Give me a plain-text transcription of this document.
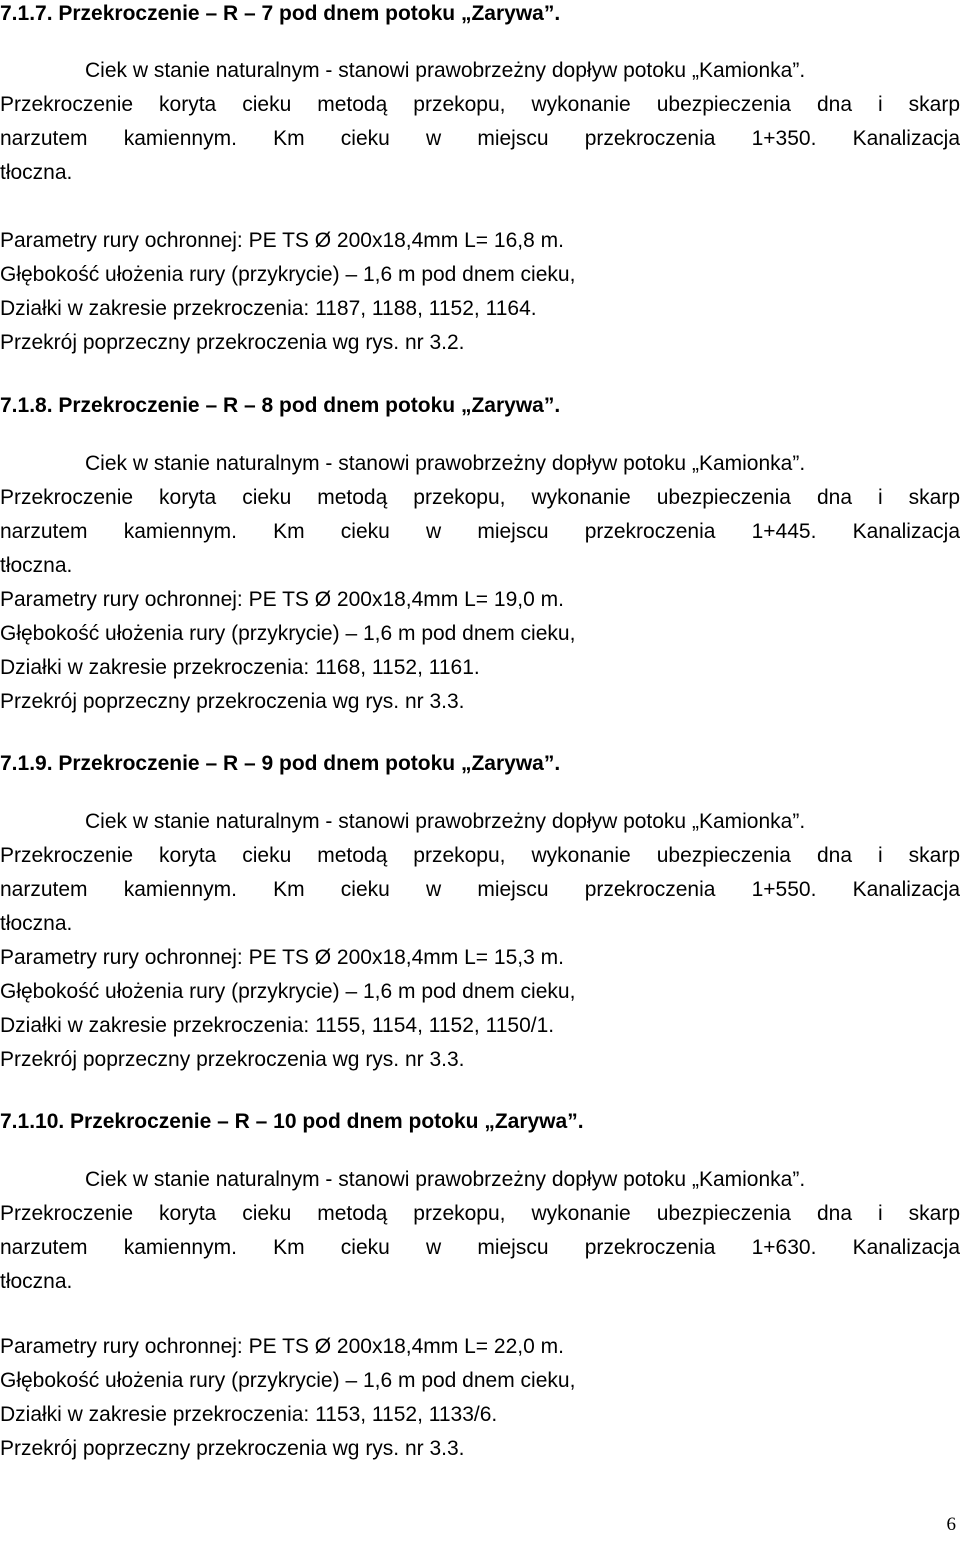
7.1.7. Przekroczenie – R – 7 pod dnem potoku „Zarywa”.
Ciek w stanie naturalnym - stanowi prawobrzeżny dopływ potoku „Kamionka”.
Przekroczenie koryta cieku metodą przekopu, wykonanie ubezpieczenia dna i skarp
narzutem kamiennym. Km cieku w miejscu przekroczenia 1+350. Kanalizacja
tłoczna.
Parametry rury ochronnej: PE TS Ø 200x18,4mm L= 16,8 m.
Głębokość ułożenia rury (przykrycie) – 1,6 m pod dnem cieku,
Działki w zakresie przekroczenia: 1187, 1188, 1152, 1164.
Przekrój poprzeczny przekroczenia wg rys. nr 3.2.
7.1.8. Przekroczenie – R – 8 pod dnem potoku „Zarywa”.
Ciek w stanie naturalnym - stanowi prawobrzeżny dopływ potoku „Kamionka”.
Przekroczenie koryta cieku metodą przekopu, wykonanie ubezpieczenia dna i skarp
narzutem kamiennym. Km cieku w miejscu przekroczenia 1+445. Kanalizacja
tłoczna.
Parametry rury ochronnej: PE TS Ø 200x18,4mm L= 19,0 m.
Głębokość ułożenia rury (przykrycie) – 1,6 m pod dnem cieku,
Działki w zakresie przekroczenia: 1168, 1152, 1161.
Przekrój poprzeczny przekroczenia wg rys. nr 3.3.
7.1.9. Przekroczenie – R – 9 pod dnem potoku „Zarywa”.
Ciek w stanie naturalnym - stanowi prawobrzeżny dopływ potoku „Kamionka”.
Przekroczenie koryta cieku metodą przekopu, wykonanie ubezpieczenia dna i skarp
narzutem kamiennym. Km cieku w miejscu przekroczenia 1+550. Kanalizacja
tłoczna.
Parametry rury ochronnej: PE TS Ø 200x18,4mm L= 15,3 m.
Głębokość ułożenia rury (przykrycie) – 1,6 m pod dnem cieku,
Działki w zakresie przekroczenia: 1155, 1154, 1152, 1150/1.
Przekrój poprzeczny przekroczenia wg rys. nr 3.3.
7.1.10. Przekroczenie – R – 10 pod dnem potoku „Zarywa”.
Ciek w stanie naturalnym - stanowi prawobrzeżny dopływ potoku „Kamionka”.
Przekroczenie koryta cieku metodą przekopu, wykonanie ubezpieczenia dna i skarp
narzutem kamiennym. Km cieku w miejscu przekroczenia 1+630. Kanalizacja
tłoczna.
Parametry rury ochronnej: PE TS Ø 200x18,4mm L= 22,0 m.
Głębokość ułożenia rury (przykrycie) – 1,6 m pod dnem cieku,
Działki w zakresie przekroczenia: 1153, 1152, 1133/6.
Przekrój poprzeczny przekroczenia wg rys. nr 3.3.
6
